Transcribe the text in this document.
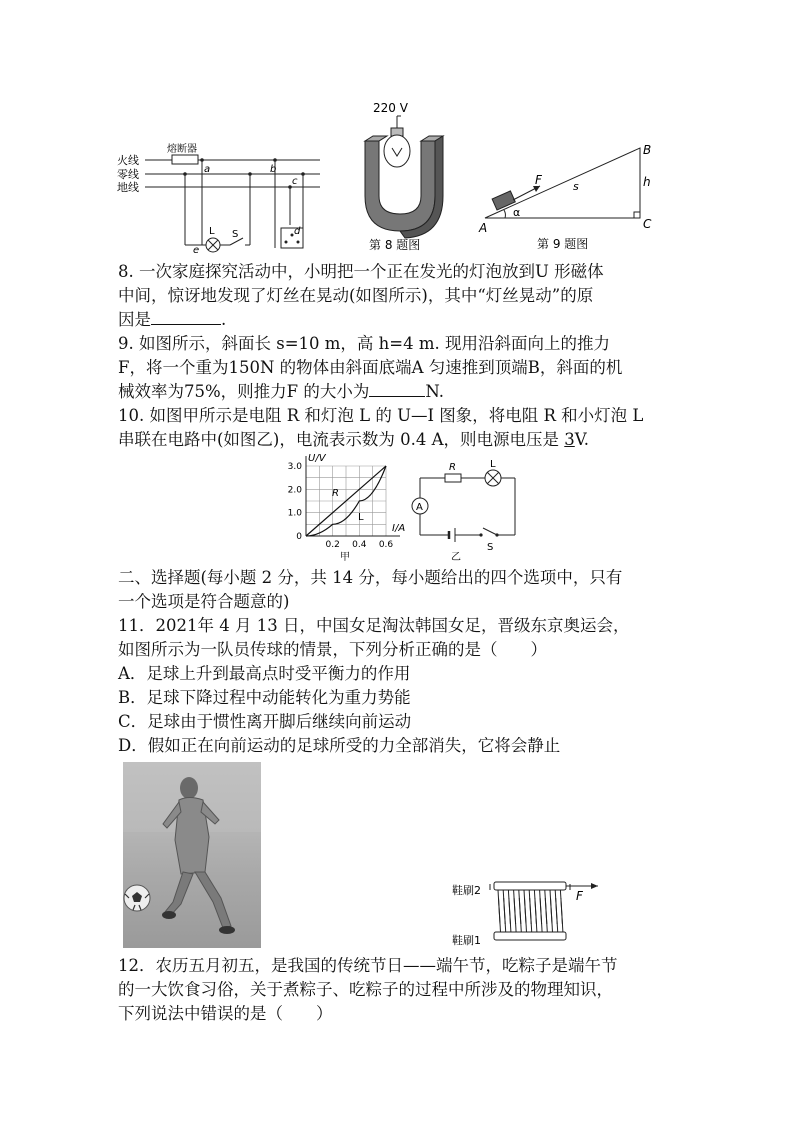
火线
零线
地线
熔断器
a	b
c
d
e
L S
220 V
第 8 题图
F	s
α
B
h
C
A
第 9 题图
8. 一次家庭探究活动中，小明把一个正在发光的灯泡放到U 形磁体
中间，惊讶地发现了灯丝在晃动(如图所示)，其中“灯丝晃动”的原
因是	.
9. 如图所示，斜面长 s=10 m，高 h=4 m. 现用沿斜面向上的推力
F，将一个重为150N 的物体由斜面底端A 匀速推到顶端B，斜面的机
械效率为75%，则推力F 的大小为	N.
10. 如图甲所示是电阻 R 和灯泡 L 的 U—I 图象，将电阻 R 和小灯泡 L
串联在电路中(如图乙)，电流表示数为 0.4 A，则电源电压是 3V.
3.0
2.0
1.0
0
0.2 0.4 0.6
U/V
I/A
R
L
甲
A
R	L
S
乙
二、选择题(每小题 2 分，共 14 分，每小题给出的四个选项中，只有
一个选项是符合题意的)
11．2021年 4 月 13 日，中国女足淘汰韩国女足，晋级东京奥运会，
如图所示为一队员传球的情景，下列分析正确的是（　　）
A．足球上升到最高点时受平衡力的作用
B．足球下降过程中动能转化为重力势能
C．足球由于惯性离开脚后继续向前运动
D．假如正在向前运动的足球所受的力全部消失，它将会静止
鞋刷2
鞋刷1
F
12．农历五月初五，是我国的传统节日——端午节，吃粽子是端午节
的一大饮食习俗，关于煮粽子、吃粽子的过程中所涉及的物理知识，
下列说法中错误的是（　　）
